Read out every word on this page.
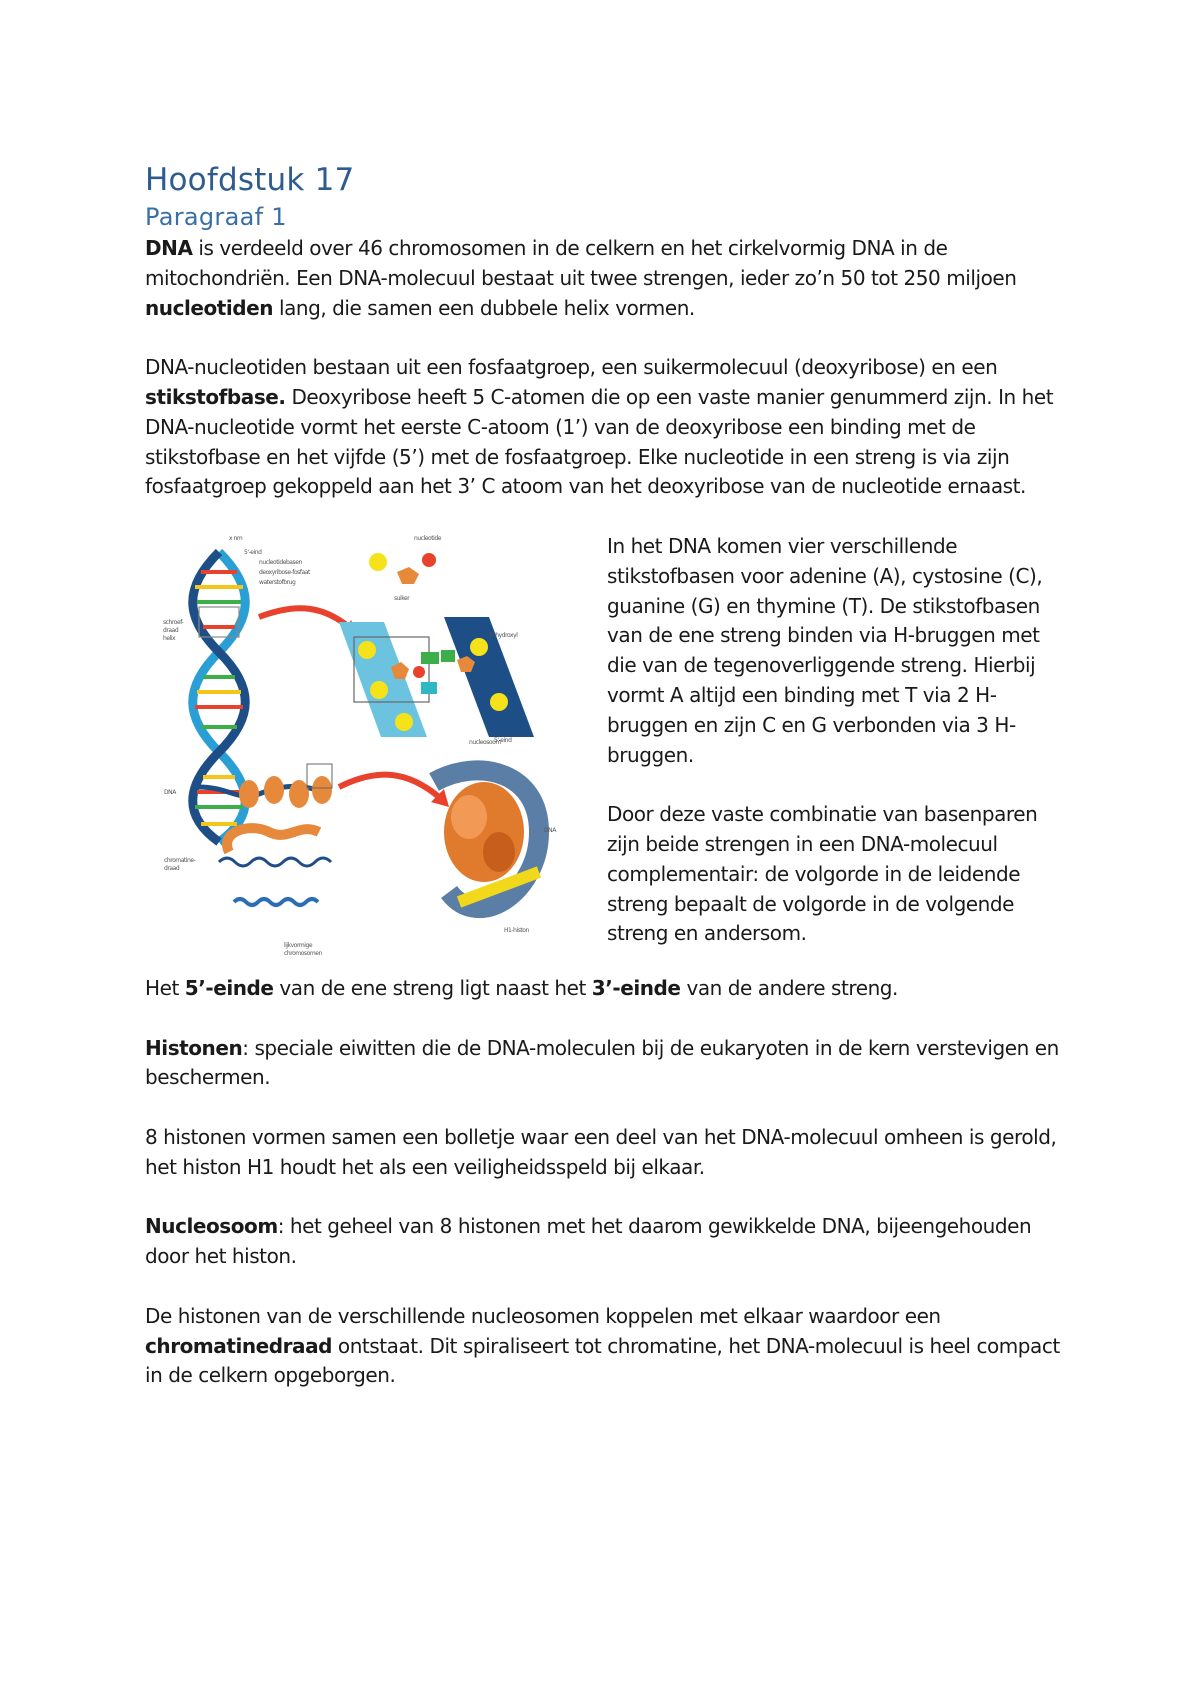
Hoofdstuk 17
Paragraaf 1

DNA is verdeeld over 46 chromosomen in de celkern en het cirkelvormig DNA in de mitochondriën. Een DNA-molecuul bestaat uit twee strengen, ieder zo’n 50 tot 250 miljoen nucleotiden lang, die samen een dubbele helix vormen.

DNA-nucleotiden bestaan uit een fosfaatgroep, een suikermolecuul (deoxyribose) en een stikstofbase. Deoxyribose heeft 5 C-atomen die op een vaste manier genummerd zijn. In het DNA-nucleotide vormt het eerste C-atoom (1’) van de deoxyribose een binding met de stikstofbase en het vijfde (5’) met de fosfaatgroep. Elke nucleotide in een streng is via zijn fosfaatgroep gekoppeld aan het 3’ C atoom van het deoxyribose van de nucleotide ernaast.

x nm
5'-eind
nucleotidebasen
deoxyribose-fosfaat
waterstofbrug
schroef-
draad
helix
nucleotide
suiker
3'-hydroxyl
5'-eind
DNA
chromatine-
draad
lijkvormige
chromosomen
nucleosoom
DNA
H1-histon

In het DNA komen vier verschillende stikstofbasen voor adenine (A), cystosine (C), guanine (G) en thymine (T). De stikstofbasen van de ene streng binden via H-bruggen met die van de tegenoverliggende streng. Hierbij vormt A altijd een binding met T via 2 H-bruggen en zijn C en G verbonden via 3 H-bruggen.

Door deze vaste combinatie van basenparen zijn beide strengen in een DNA-molecuul complementair: de volgorde in de leidende streng bepaalt de volgorde in de volgende streng en andersom.

Het 5’-einde van de ene streng ligt naast het 3’-einde van de andere streng.

Histonen: speciale eiwitten die de DNA-moleculen bij de eukaryoten in de kern verstevigen en beschermen.

8 histonen vormen samen een bolletje waar een deel van het DNA-molecuul omheen is gerold, het histon H1 houdt het als een veiligheidsspeld bij elkaar.

Nucleosoom: het geheel van 8 histonen met het daarom gewikkelde DNA, bijeengehouden door het histon.

De histonen van de verschillende nucleosomen koppelen met elkaar waardoor een chromatinedraad ontstaat. Dit spiraliseert tot chromatine, het DNA-molecuul is heel compact in de celkern opgeborgen.
